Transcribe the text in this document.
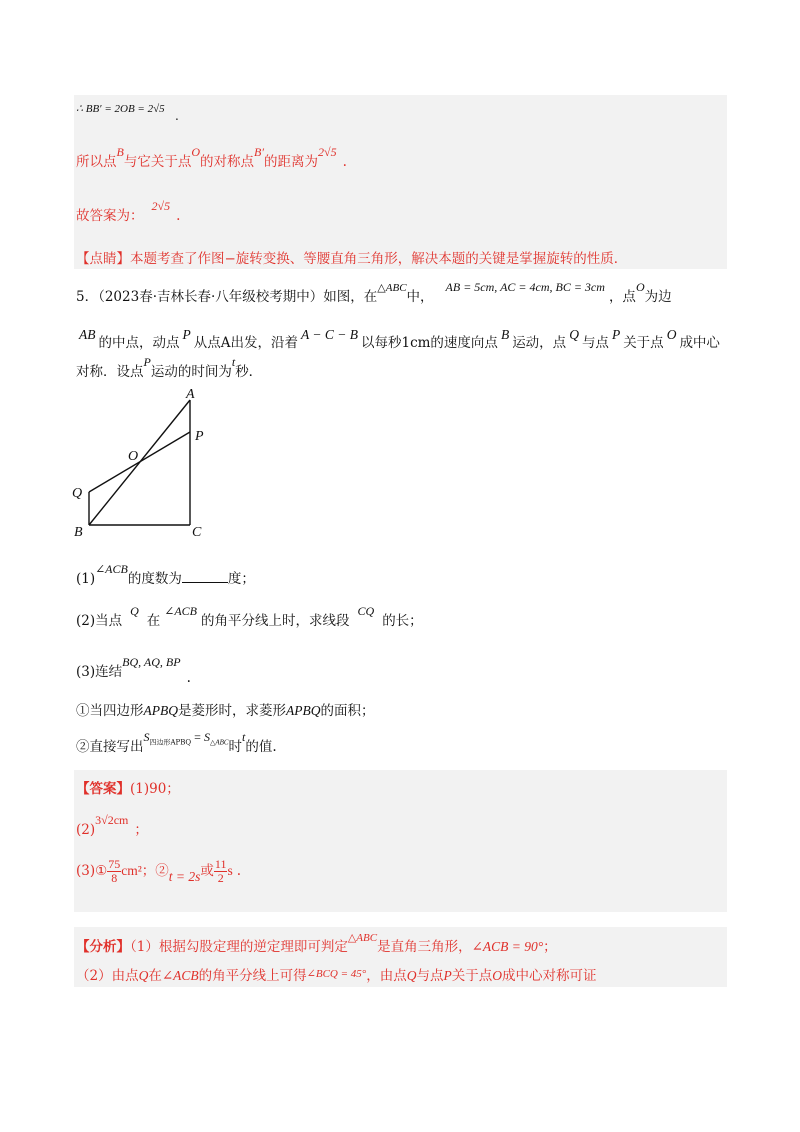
∴ BB′ = 2OB = 2√5 .
所以点B与它关于点O的对称点B′的距离为2√5.
故答案为：2√5.
【点睛】本题考查了作图−旋转变换、等腰直角三角形，解决本题的关键是掌握旋转的性质．
5．（2023春·吉林长春·八年级校考期中）如图，在$^{\triangle ABC}$中，AB = 5cm, AC = 4cm, BC = 3cm，点O为边
AB的中点，动点P从点A出发，沿着A − C − B以每秒1cm的速度向点B运动，点Q与点P关于点O成中心
对称．设点P运动的时间为t秒．
A
P
O
Q
B	C
(1)∠ACB的度数为	度；
(2)当点Q在∠ACB的角平分线上时，求线段CQ的长；
(3)连结BQ, AQ, BP.
①当四边形APBQ是菱形时，求菱形APBQ的面积；
②直接写出$S_{四边形APBQ} = S_{\triangle ABC}$时t的值.
【答案】(1)90；
(2)3√2cm；
(3)① $\frac{75}{8} cm^2$；②t = 2s或 $\frac{11}{2}$ s .
【分析】（1）根据勾股定理的逆定理即可判定$^{\triangle ABC}$是直角三角形，∠ACB = 90°；
（2）由点Q在∠ACB的角平分线上可得$^{\angle BCQ = 45^\circ}$，由点Q与点P关于点O成中心对称可证
